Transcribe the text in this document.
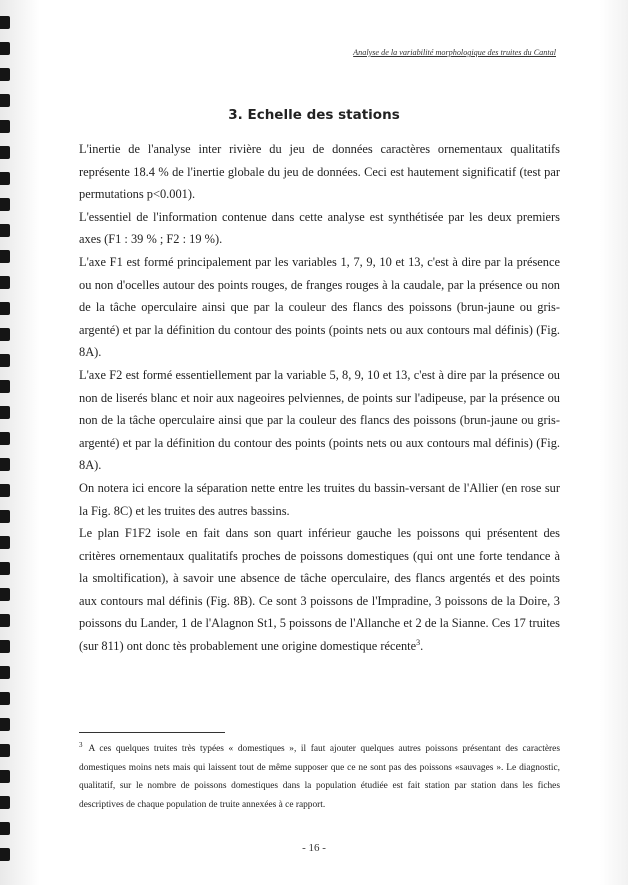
Analyse de la variabilité morphologique des truites du Cantal
3. Echelle des stations

L'inertie de l'analyse inter rivière du jeu de données caractères ornementaux qualitatifs représente 18.4 % de l'inertie globale du jeu de données. Ceci est hautement significatif (test par permutations p<0.001).

L'essentiel de l'information contenue dans cette analyse est synthétisée par les deux premiers axes (F1 : 39 % ; F2 : 19 %).

L'axe F1 est formé principalement par les variables 1, 7, 9, 10 et 13, c'est à dire par la présence ou non d'ocelles autour des points rouges, de franges rouges à la caudale, par la présence ou non de la tâche operculaire ainsi que par la couleur des flancs des poissons (brun-jaune ou gris-argenté) et par la définition du contour des points (points nets ou aux contours mal définis) (Fig. 8A).

L'axe F2 est formé essentiellement par la variable 5, 8, 9, 10 et 13, c'est à dire par la présence ou non de liserés blanc et noir aux nageoires pelviennes, de points sur l'adipeuse, par la présence ou non de la tâche operculaire ainsi que par la couleur des flancs des poissons (brun-jaune ou gris-argenté) et par la définition du contour des points (points nets ou aux contours mal définis) (Fig. 8A).

On notera ici encore la séparation nette entre les truites du bassin-versant de l'Allier (en rose sur la Fig. 8C) et les truites des autres bassins.

Le plan F1F2 isole en fait dans son quart inférieur gauche les poissons qui présentent des critères ornementaux qualitatifs proches de poissons domestiques (qui ont une forte tendance à la smoltification), à savoir une absence de tâche operculaire, des flancs argentés et des points aux contours mal définis (Fig. 8B). Ce sont 3 poissons de l'Impradine, 3 poissons de la Doire, 3 poissons du Lander, 1 de l'Alagnon St1, 5 poissons de l'Allanche et 2 de la Sianne. Ces 17 truites (sur 811) ont donc tès probablement une origine domestique récente$^3$.

$^3$ A ces quelques truites très typées « domestiques », il faut ajouter quelques autres poissons présentant des caractères domestiques moins nets mais qui laissent tout de même supposer que ce ne sont pas des poissons «sauvages ». Le diagnostic, qualitatif, sur le nombre de poissons domestiques dans la population étudiée est fait station par station dans les fiches descriptives de chaque population de truite annexées à ce rapport.
- 16 -
